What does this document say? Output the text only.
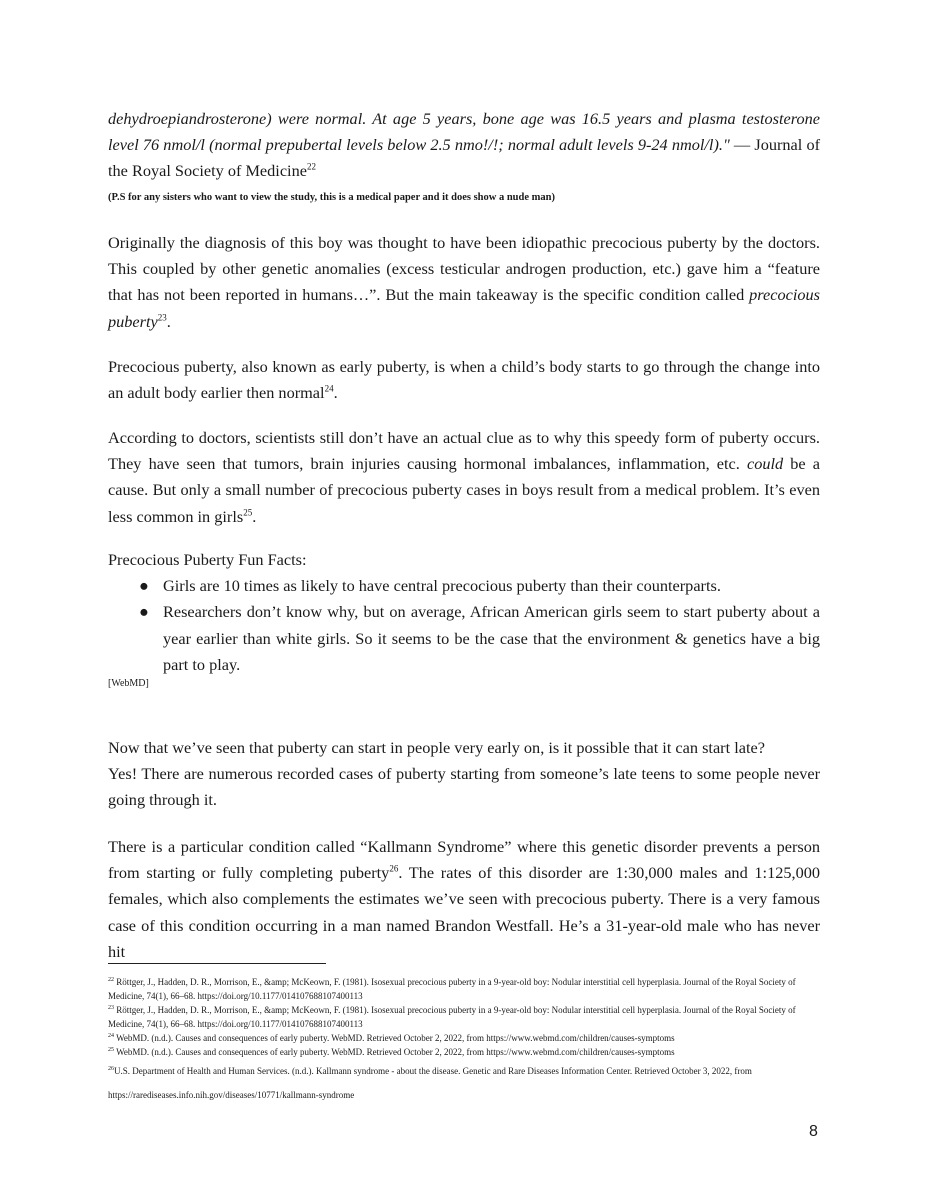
dehydroepiandrosterone) were normal. At age 5 years, bone age was 16.5 years and plasma testosterone level 76 nmol/l (normal prepubertal levels below 2.5 nmo!/!; normal adult levels 9-24 nmol/l)." — Journal of the Royal Society of Medicine$^{22}$

(P.S for any sisters who want to view the study, this is a medical paper and it does show a nude man)

Originally the diagnosis of this boy was thought to have been idiopathic precocious puberty by the doctors. This coupled by other genetic anomalies (excess testicular androgen production, etc.) gave him a “feature that has not been reported in humans…”. But the main takeaway is the specific condition called precocious puberty$^{23}$.

Precocious puberty, also known as early puberty, is when a child’s body starts to go through the change into an adult body earlier then normal$^{24}$.

According to doctors, scientists still don’t have an actual clue as to why this speedy form of puberty occurs. They have seen that tumors, brain injuries causing hormonal imbalances, inflammation, etc. could be a cause. But only a small number of precocious puberty cases in boys result from a medical problem. It’s even less common in girls$^{25}$.

Precocious Puberty Fun Facts:

● Girls are 10 times as likely to have central precocious puberty than their counterparts.
● Researchers don’t know why, but on average, African American girls seem to start puberty about a year earlier than white girls. So it seems to be the case that the environment & genetics have a big part to play.

[WebMD]

Now that we’ve seen that puberty can start in people very early on, is it possible that it can start late?

Yes! There are numerous recorded cases of puberty starting from someone’s late teens to some people never going through it.

There is a particular condition called “Kallmann Syndrome” where this genetic disorder prevents a person from starting or fully completing puberty$^{26}$. The rates of this disorder are 1:30,000 males and 1:125,000 females, which also complements the estimates we’ve seen with precocious puberty. There is a very famous case of this condition occurring in a man named Brandon Westfall. He’s a 31-year-old male who has never hit

$^{22}$ Röttger, J., Hadden, D. R., Morrison, E., &amp; McKeown, F. (1981). Isosexual precocious puberty in a 9-year-old boy: Nodular interstitial cell hyperplasia. Journal of the Royal Society of Medicine, 74(1), 66–68. https://doi.org/10.1177/014107688107400113

$^{23}$ Röttger, J., Hadden, D. R., Morrison, E., &amp; McKeown, F. (1981). Isosexual precocious puberty in a 9-year-old boy: Nodular interstitial cell hyperplasia. Journal of the Royal Society of Medicine, 74(1), 66–68. https://doi.org/10.1177/014107688107400113

$^{24}$ WebMD. (n.d.). Causes and consequences of early puberty. WebMD. Retrieved October 2, 2022, from https://www.webmd.com/children/causes-symptoms

$^{25}$ WebMD. (n.d.). Causes and consequences of early puberty. WebMD. Retrieved October 2, 2022, from https://www.webmd.com/children/causes-symptoms

$^{26}$U.S. Department of Health and Human Services. (n.d.). Kallmann syndrome - about the disease. Genetic and Rare Diseases Information Center. Retrieved October 3, 2022, from https://rarediseases.info.nih.gov/diseases/10771/kallmann-syndrome

8
